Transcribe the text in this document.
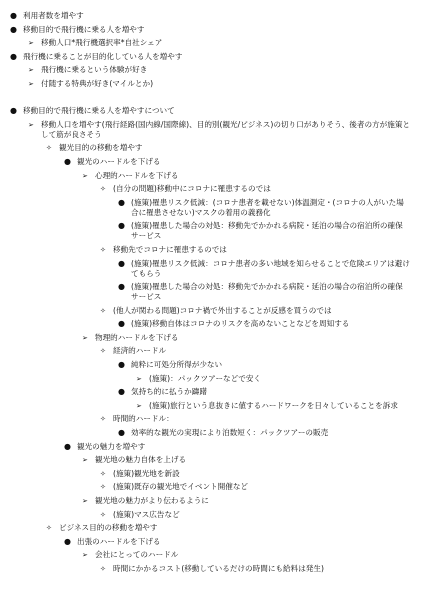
● 利用者数を増やす
● 移動目的で飛行機に乗る人を増やす
➢ 移動人口*飛行機選択率*自社シェア
● 飛行機に乗ることが目的化している人を増やす
➢ 飛行機に乗るという体験が好き
➢ 付随する特典が好き(マイルとか)
● 移動目的で飛行機に乗る人を増やすについて
➢ 移動人口を増やす(飛行経路(国内線/国際線)、目的別(観光/ビジネス)の切り口がありそう、後者の方が施策として筋が良さそう
✧ 観光目的の移動を増やす
● 観光のハードルを下げる
➢ 心理的ハードルを下げる
✧ (自分の問題)移動中にコロナに罹患するのでは
● (施策)罹患リスク低減：(コロナ患者を載せない)体温測定・(コロナの人がいた場合に罹患させない)マスクの着用の義務化
● (施策)罹患した場合の対処：移動先でかかれる病院・延泊の場合の宿泊所の確保サービス
✧ 移動先でコロナに罹患するのでは
● (施策)罹患リスク低減：コロナ患者の多い地域を知らせることで危険エリアは避けてもらう
● (施策)罹患した場合の対処：移動先でかかれる病院・延泊の場合の宿泊所の確保サービス
✧ (他人が関わる問題)コロナ禍で外出することが反感を買うのでは
● (施策)移動自体はコロナのリスクを高めないことなどを周知する
➢ 物理的ハードルを下げる
✧ 経済的ハードル
● 純粋に可処分所得が少ない
➢ (施策)：パックツアーなどで安く
● 気持ち的に払うか躊躇
➢ (施策)旅行という息抜きに値するハードワークを日々していることを訴求
✧ 時間的ハードル：
● 効率的な観光の実現により泊数短く：パックツアーの販売
● 観光の魅力を増やす
➢ 観光地の魅力自体を上げる
✧ (施策)観光地を新設
✧ (施策)既存の観光地でイベント開催など
➢ 観光地の魅力がより伝わるように
✧ (施策)マス広告など
✧ ビジネス目的の移動を増やす
● 出張のハードルを下げる
➢ 会社にとってのハードル
✧ 時間にかかるコスト(移動しているだけの時間にも給料は発生)
